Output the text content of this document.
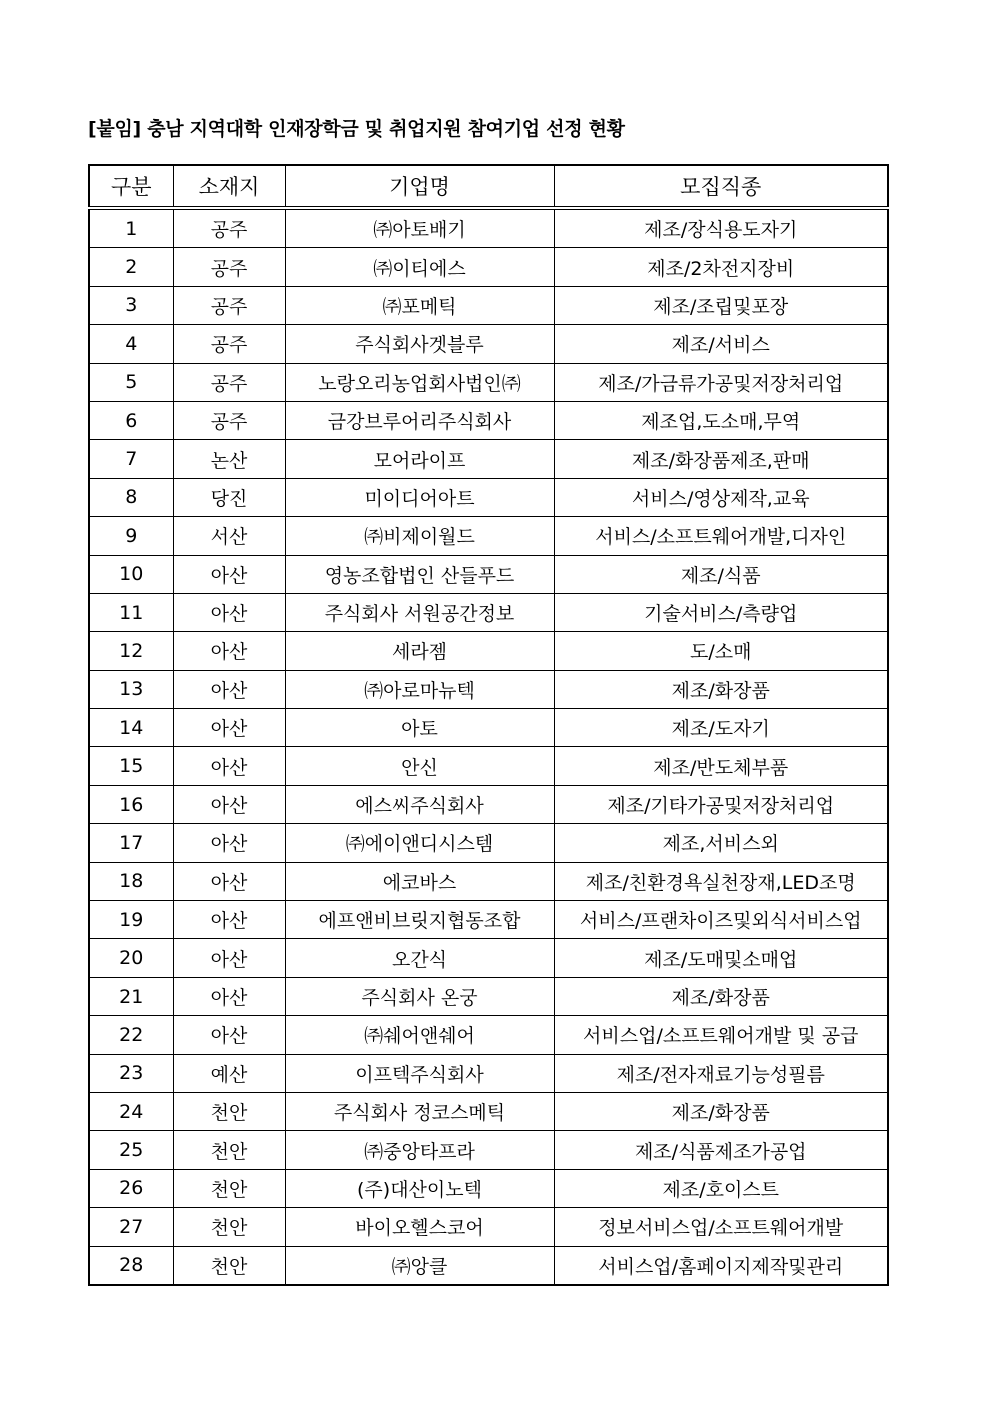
[붙임] 충남 지역대학 인재장학금 및 취업지원 참여기업 선정 현황
구분	소재지	기업명	모집직종
1	공주	㈜아토배기	제조/장식용도자기
2	공주	㈜이티에스	제조/2차전지장비
3	공주	㈜포메틱	제조/조립및포장
4	공주	주식회사겟블루	제조/서비스
5	공주	노랑오리농업회사법인㈜	제조/가금류가공및저장처리업
6	공주	금강브루어리주식회사	제조업,도소매,무역
7	논산	모어라이프	제조/화장품제조,판매
8	당진	미이디어아트	서비스/영상제작,교육
9	서산	㈜비제이월드	서비스/소프트웨어개발,디자인
10	아산	영농조합법인 산들푸드	제조/식품
11	아산	주식회사 서원공간정보	기술서비스/측량업
12	아산	세라젬	도/소매
13	아산	㈜아로마뉴텍	제조/화장품
14	아산	아토	제조/도자기
15	아산	안신	제조/반도체부품
16	아산	에스씨주식회사	제조/기타가공및저장처리업
17	아산	㈜에이앤디시스템	제조,서비스외
18	아산	에코바스	제조/친환경욕실천장재,LED조명
19	아산	에프앤비브릿지협동조합	서비스/프랜차이즈및외식서비스업
20	아산	오간식	제조/도매및소매업
21	아산	주식회사 온궁	제조/화장품
22	아산	㈜쉐어앤쉐어	서비스업/소프트웨어개발 및 공급
23	예산	이프텍주식회사	제조/전자재료기능성필름
24	천안	주식회사 정코스메틱	제조/화장품
25	천안	㈜중앙타프라	제조/식품제조가공업
26	천안	(주)대산이노텍	제조/호이스트
27	천안	바이오헬스코어	정보서비스업/소프트웨어개발
28	천안	㈜앙클	서비스업/홈페이지제작및관리
